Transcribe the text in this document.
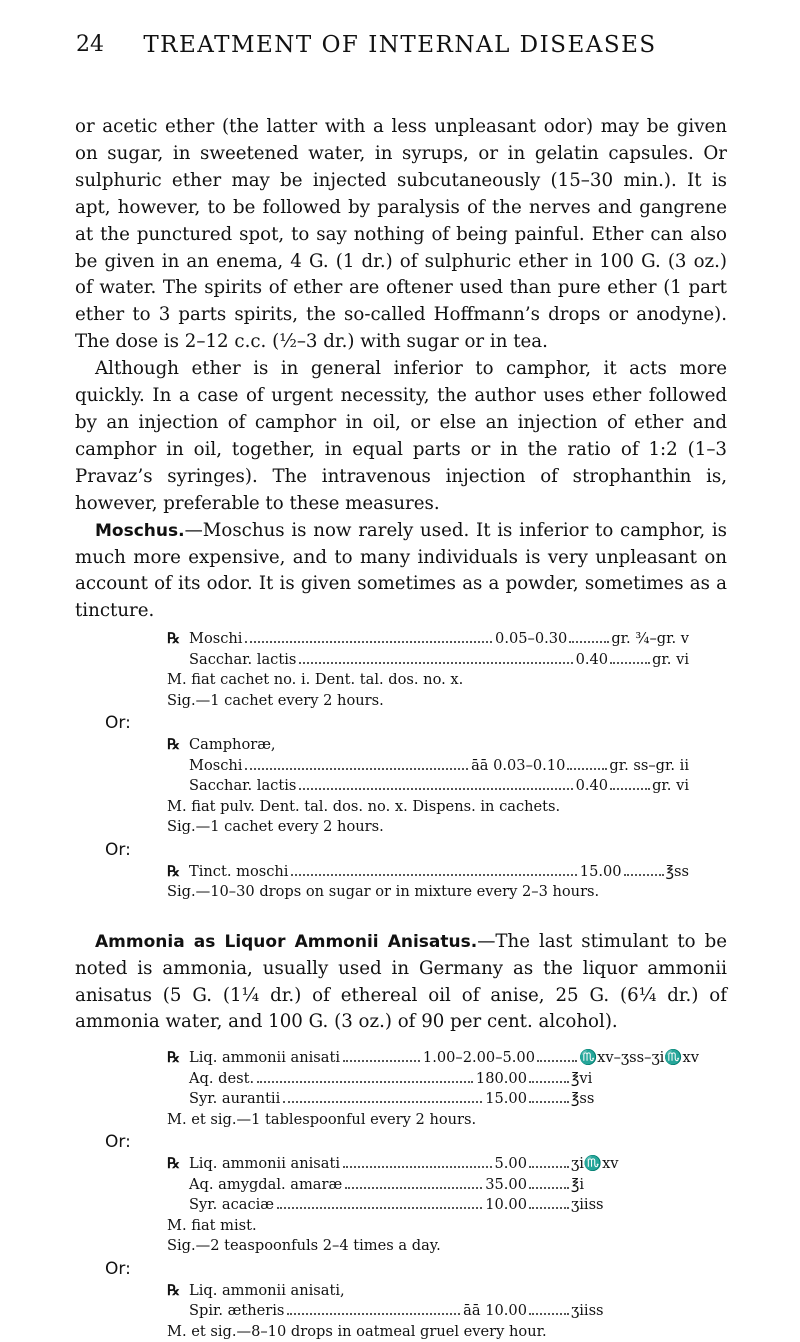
24	TREATMENT OF INTERNAL DISEASES

or acetic ether (the latter with a less unpleasant odor) may be given on sugar, in sweetened water, in syrups, or in gelatin capsules. Or sulphuric ether may be injected subcutaneously (15–30 min.). It is apt, however, to be followed by paralysis of the nerves and gangrene at the punctured spot, to say nothing of being painful. Ether can also be given in an enema, 4 G. (1 dr.) of sulphuric ether in 100 G. (3 oz.) of water. The spirits of ether are oftener used than pure ether (1 part ether to 3 parts spirits, the so-called Hoffmann’s drops or anodyne). The dose is 2–12 c.c. (½–3 dr.) with sugar or in tea.

Although ether is in general inferior to camphor, it acts more quickly. In a case of urgent necessity, the author uses ether followed by an injection of camphor in oil, or else an injection of ether and camphor in oil, together, in equal parts or in the ratio of 1:2 (1–3 Pravaz’s syringes). The intravenous injection of strophanthin is, however, preferable to these measures.

Moschus.—Moschus is now rarely used. It is inferior to camphor, is much more expensive, and to many individuals is very unpleasant on account of its odor. It is given sometimes as a powder, sometimes as a tincture.

℞ Moschi	0.05–0.30	gr. ¾–gr. v
Sacchar. lactis	0.40	gr. vi
M. fiat cachet no. i. Dent. tal. dos. no. x.
Sig.—1 cachet every 2 hours.
Or:
℞ Camphoræ,
Moschi	āā 0.03–0.10	gr. ss–gr. ii
Sacchar. lactis	0.40	gr. vi
M. fiat pulv. Dent. tal. dos. no. x. Dispens. in cachets.
Sig.—1 cachet every 2 hours.
Or:
℞ Tinct. moschi	15.00	℥ss
Sig.—10–30 drops on sugar or in mixture every 2–3 hours.

Ammonia as Liquor Ammonii Anisatus.—The last stimulant to be noted is ammonia, usually used in Germany as the liquor ammonii anisatus (5 G. (1¼ dr.) of ethereal oil of anise, 25 G. (6¼ dr.) of ammonia water, and 100 G. (3 oz.) of 90 per cent. alcohol).

℞ Liq. ammonii anisati	1.00–2.00–5.00	♏xv–ʒss–ʒi♏xv
Aq. dest.	180.00	℥vi
Syr. aurantii	15.00	℥ss
M. et sig.—1 tablespoonful every 2 hours.
Or:
℞ Liq. ammonii anisati	5.00	ʒi♏xv
Aq. amygdal. amaræ	35.00	℥i
Syr. acaciæ	10.00	ʒiiss
M. fiat mist.
Sig.—2 teaspoonfuls 2–4 times a day.
Or:
℞ Liq. ammonii anisati,
Spir. ætheris	āā 10.00	ʒiiss
M. et sig.—8–10 drops in oatmeal gruel every hour.
